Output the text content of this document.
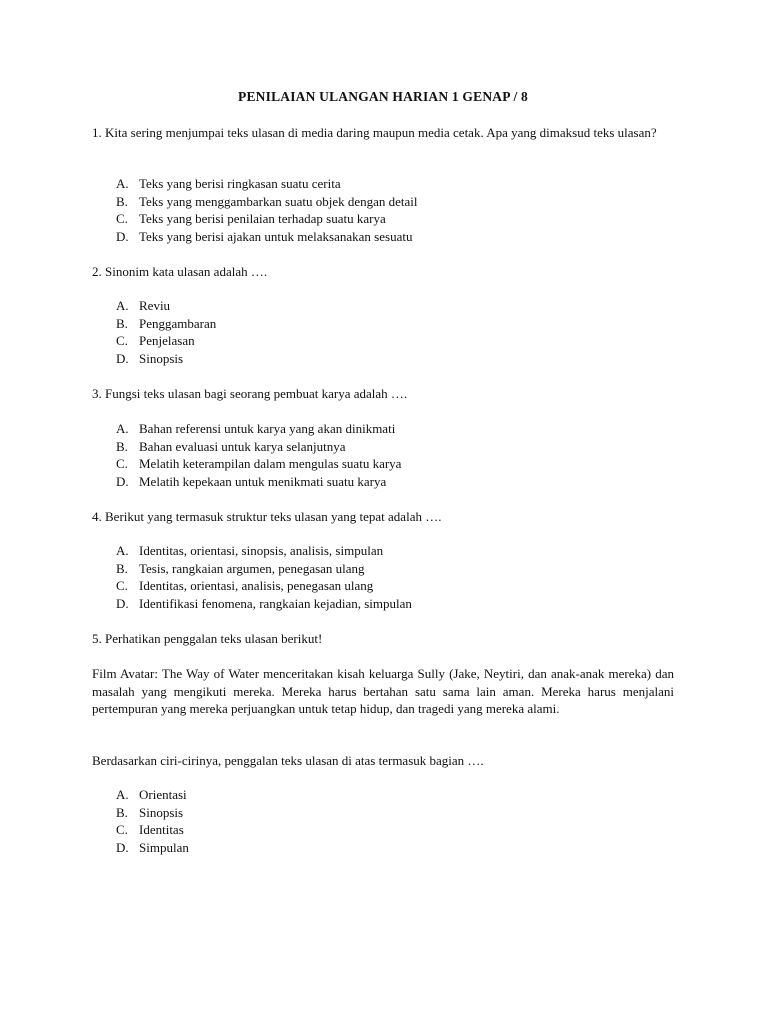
PENILAIAN ULANGAN HARIAN 1 GENAP / 8

1. Kita sering menjumpai teks ulasan di media daring maupun media cetak. Apa yang dimaksud teks ulasan?

A. Teks yang berisi ringkasan suatu cerita
B. Teks yang menggambarkan suatu objek dengan detail
C. Teks yang berisi penilaian terhadap suatu karya
D. Teks yang berisi ajakan untuk melaksanakan sesuatu

2. Sinonim kata ulasan adalah ….

A. Reviu
B. Penggambaran
C. Penjelasan
D. Sinopsis

3. Fungsi teks ulasan bagi seorang pembuat karya adalah ….

A. Bahan referensi untuk karya yang akan dinikmati
B. Bahan evaluasi untuk karya selanjutnya
C. Melatih keterampilan dalam mengulas suatu karya
D. Melatih kepekaan untuk menikmati suatu karya

4. Berikut yang termasuk struktur teks ulasan yang tepat adalah ….

A. Identitas, orientasi, sinopsis, analisis, simpulan
B. Tesis, rangkaian argumen, penegasan ulang
C. Identitas, orientasi, analisis, penegasan ulang
D. Identifikasi fenomena, rangkaian kejadian, simpulan

5. Perhatikan penggalan teks ulasan berikut!

Film Avatar: The Way of Water menceritakan kisah keluarga Sully (Jake, Neytiri, dan anak-anak mereka) dan masalah yang mengikuti mereka. Mereka harus bertahan satu sama lain aman. Mereka harus menjalani pertempuran yang mereka perjuangkan untuk tetap hidup, dan tragedi yang mereka alami.

Berdasarkan ciri-cirinya, penggalan teks ulasan di atas termasuk bagian ….

A. Orientasi
B. Sinopsis
C. Identitas
D. Simpulan
